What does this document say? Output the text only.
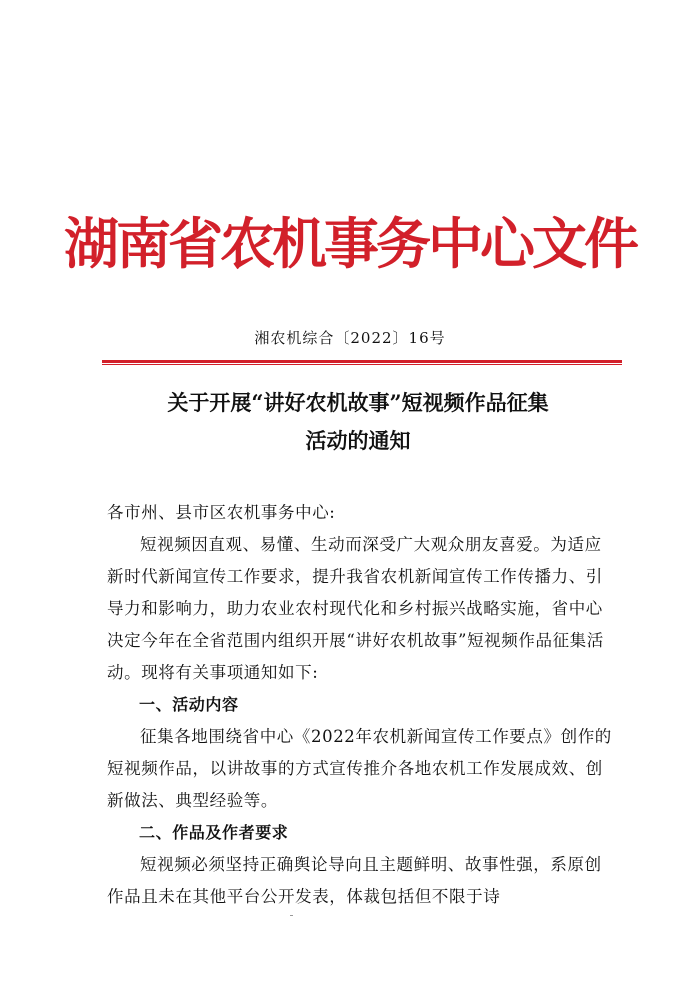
湖南省农机事务中心文件
湘农机综合〔2022〕16号
关于开展“讲好农机故事”短视频作品征集
活动的通知

各市州、县市区农机事务中心:

短视频因直观、易懂、生动而深受广大观众朋友喜爱。为适应新时代新闻宣传工作要求，提升我省农机新闻宣传工作传播力、引导力和影响力，助力农业农村现代化和乡村振兴战略实施，省中心决定今年在全省范围内组织开展“讲好农机故事”短视频作品征集活动。现将有关事项通知如下:

一、活动内容

征集各地围绕省中心《2022年农机新闻宣传工作要点》创作的短视频作品，以讲故事的方式宣传推介各地农机工作发展成效、创新做法、典型经验等。

二、作品及作者要求

短视频必须坚持正确舆论导向且主题鲜明、故事性强，系原创作品且未在其他平台公开发表，体裁包括但不限于诗
